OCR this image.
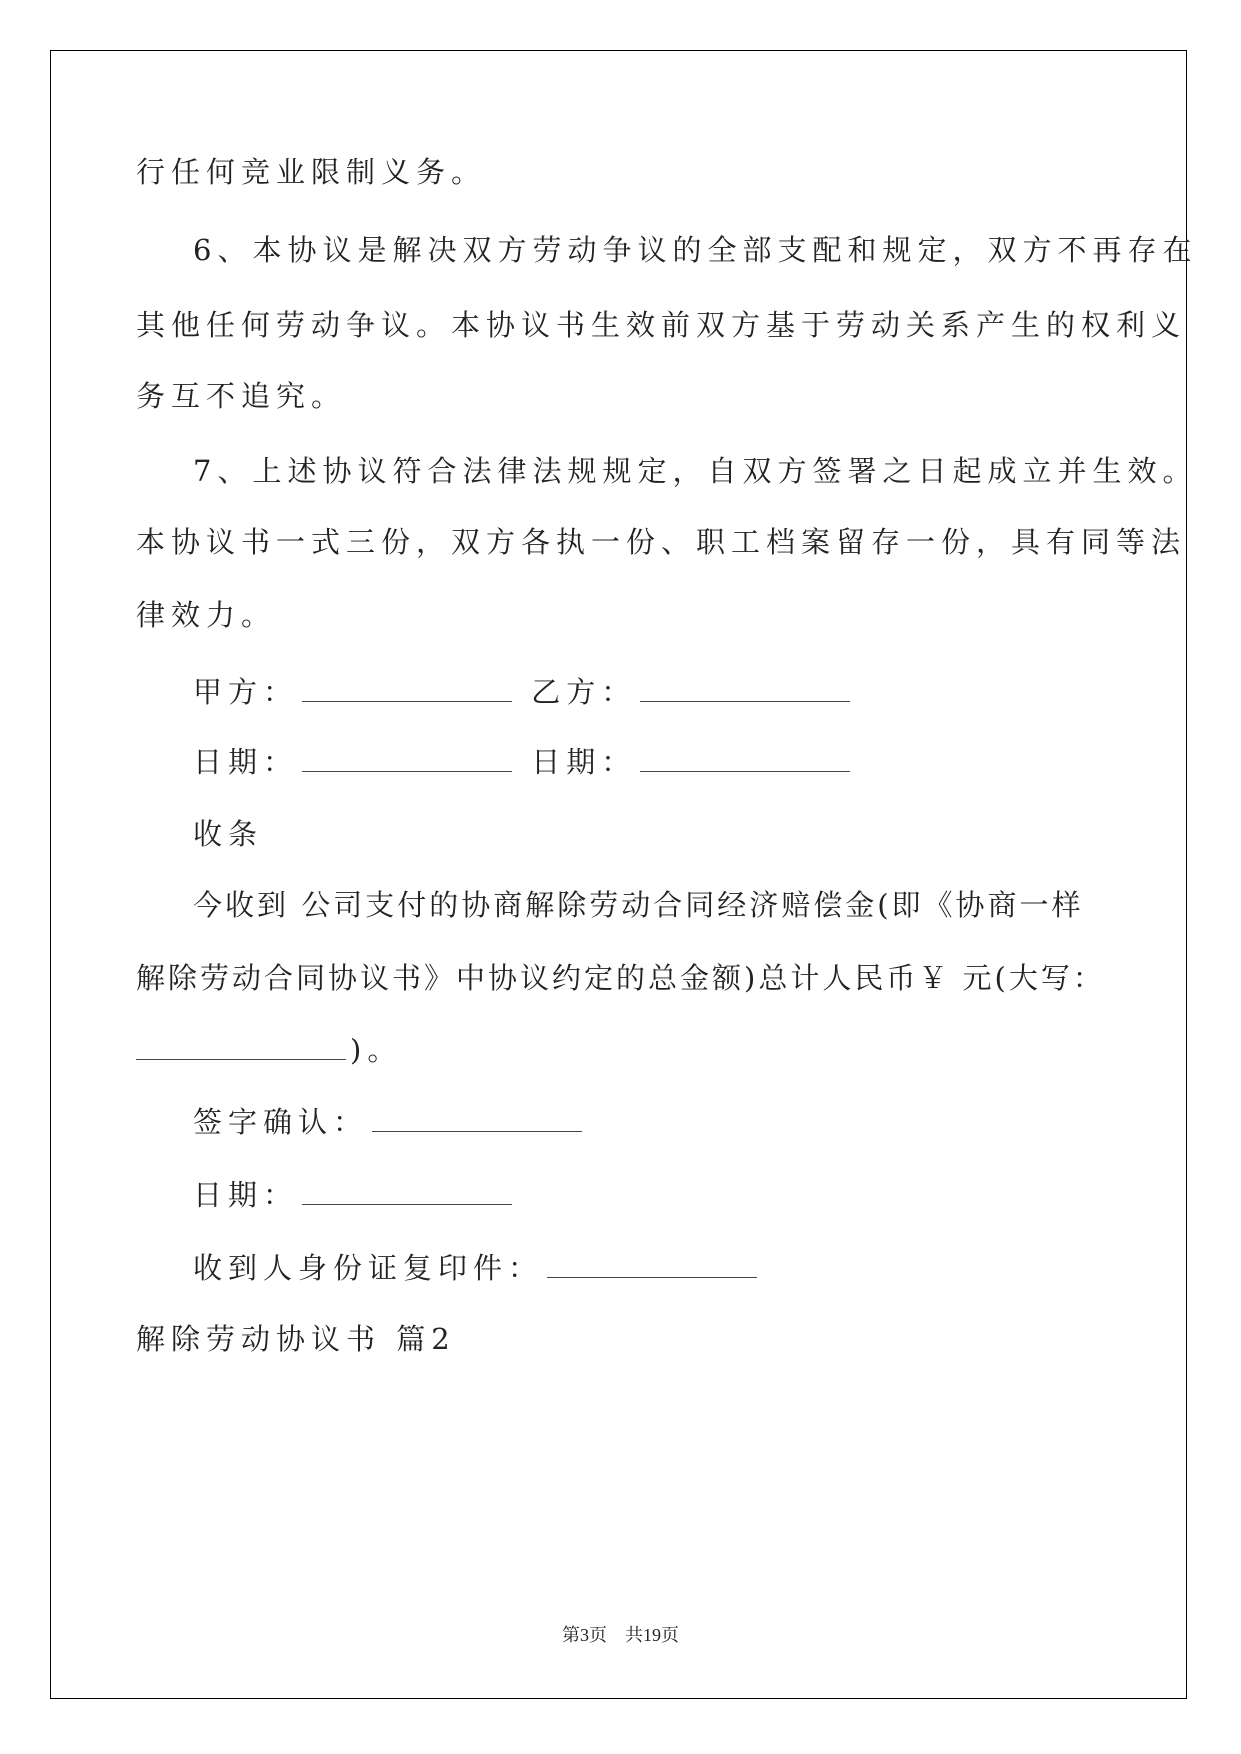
行任何竞业限制义务。
6、本协议是解决双方劳动争议的全部支配和规定，双方不再存在
其他任何劳动争议。本协议书生效前双方基于劳动关系产生的权利义
务互不追究。
7、上述协议符合法律法规规定，自双方签署之日起成立并生效。
本协议书一式三份，双方各执一份、职工档案留存一份，具有同等法
律效力。
甲方：	乙方：
日期：	日期：
收条
今收到 公司支付的协商解除劳动合同经济赔偿金(即《协商一样
解除劳动合同协议书》中协议约定的总金额)总计人民币￥ 元(大写：
)。
签字确认：
日期：
收到人身份证复印件：
解除劳动协议书 篇2
第3页　共19页
